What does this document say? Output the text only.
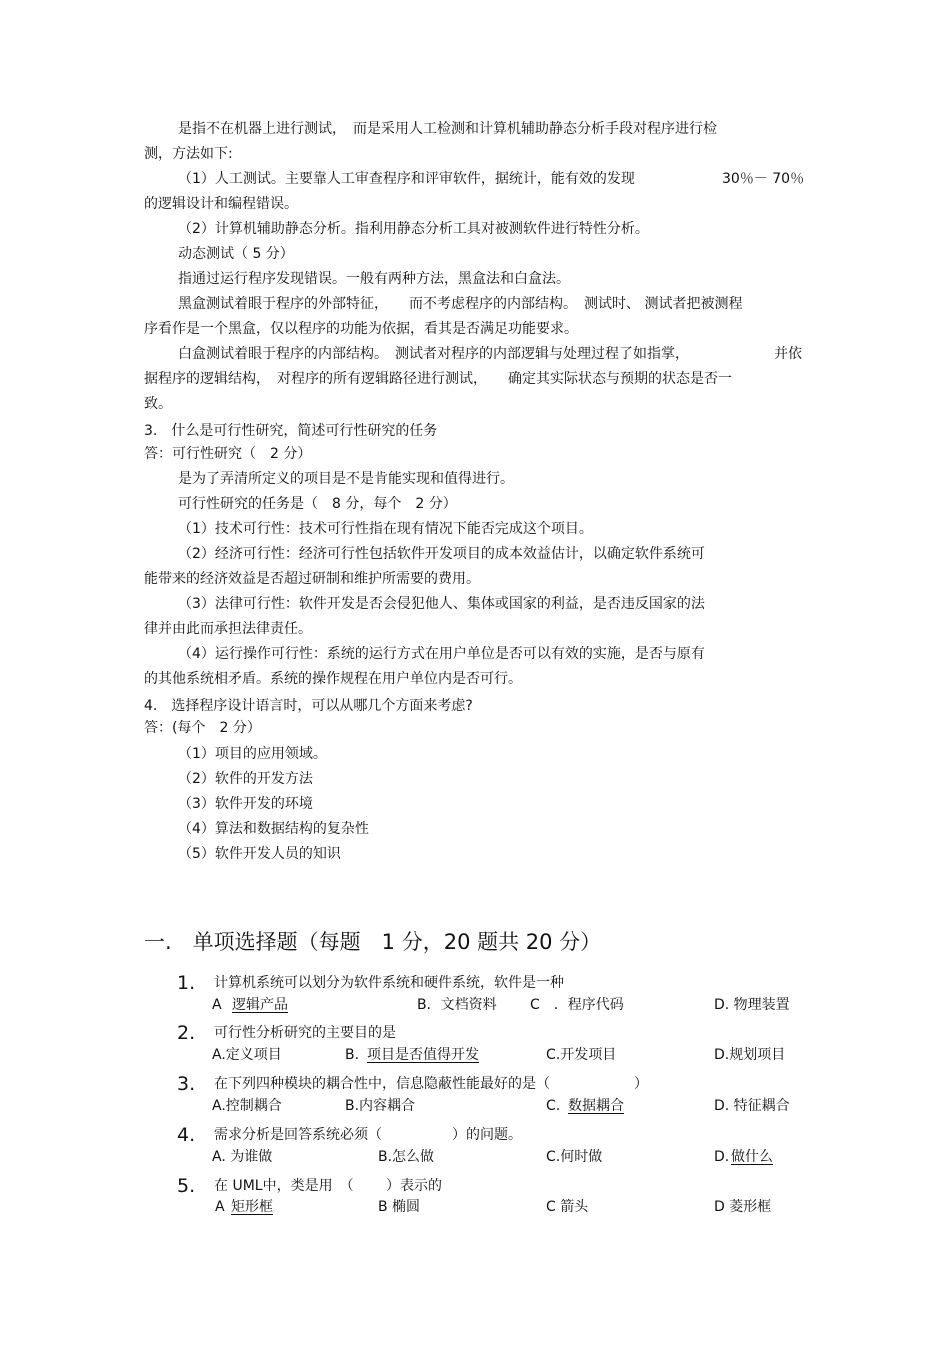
是指不在机器上进行测试，　而是采用人工检测和计算机辅助静态分析手段对程序进行检
测，方法如下:
（1）人工测试。主要靠人工审查程序和评审软件，据统计，能有效的发现	30％－ 70％
的逻辑设计和编程错误。
（2）计算机辅助静态分析。指利用静态分析工具对被测软件进行特性分析。
动态测试（ 5 分）
指通过运行程序发现错误。一般有两种方法，黑盒法和白盒法。
黑盒测试着眼于程序的外部特征，　　而不考虑程序的内部结构。　测试时、 测试者把被测程
序看作是一个黑盒，仅以程序的功能为依据，看其是否满足功能要求。
白盒测试着眼于程序的内部结构。　测试者对程序的内部逻辑与处理过程了如指掌，	并依
据程序的逻辑结构，　对程序的所有逻辑路径进行测试，　　确定其实际状态与预期的状态是否一
致。
3.　什么是可行性研究，简述可行性研究的任务
答：可行性研究（　2 分）
是为了弄清所定义的项目是不是肯能实现和值得进行。
可行性研究的任务是（　8 分，每个　2 分）
（1）技术可行性：技术可行性指在现有情况下能否完成这个项目。
（2）经济可行性：经济可行性包括软件开发项目的成本效益估计，以确定软件系统可
能带来的经济效益是否超过研制和维护所需要的费用。
（3）法律可行性：软件开发是否会侵犯他人、集体或国家的利益，是否违反国家的法
律并由此而承担法律责任。
（4）运行操作可行性：系统的运行方式在用户单位是否可以有效的实施，是否与原有
的其他系统相矛盾。系统的操作规程在用户单位内是否可行。
4.　选择程序设计语言时，可以从哪几个方面来考虑?
答：(每个　2 分）
（1）项目的应用领域。
（2）软件的开发方法
（3）软件开发的环境
（4）算法和数据结构的复杂性
（5）软件开发人员的知识
一.　单项选择题（每题　1 分，20 题共 20 分）
1. 计算机系统可以划分为软件系统和硬件系统，软件是一种
A 逻辑产品	B．文档资料 C　．程序代码	D. 物理装置
2. 可行性分析研究的主要目的是
A.定义项目	B. 项目是否值得开发	C.开发项目	D.规划项目
3. 在下列四种模块的耦合性中，信息隐蔽性能最好的是（　　　　　　）
A.控制耦合	B.内容耦合	C. 数据耦合	D. 特征耦合
4. 需求分析是回答系统必须（　　　　　）的问题。
A. 为谁做	B.怎么做	C.何时做	D. 做什么
5. 在 UML中，类是用　（　　 ）表示的
A 矩形框	B 椭圆	C 箭头	D 菱形框
